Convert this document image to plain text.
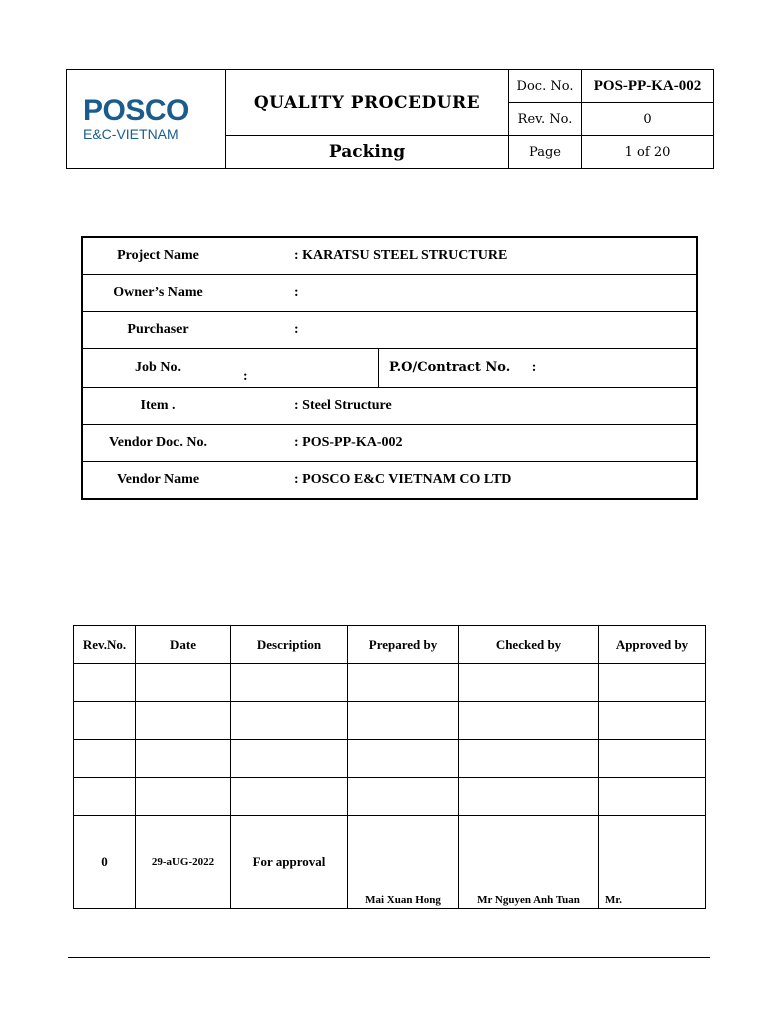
POSCO
E&C-VIETNAM	QUALITY PROCEDURE	Doc. No.	POS-PP-KA-002
		Rev. No.	0
	Packing	Page	1 of 20
Project Name	: KARATSU STEEL STRUCTURE	
Owner’s Name	:	
Purchaser	:	
Job No.	:	P.O/Contract No. :
Item .	: Steel Structure	
Vendor Doc. No.	: POS-PP-KA-002	
Vendor Name	: POSCO E&C VIETNAM CO LTD	
Rev.No.	Date	Description	Prepared by	Checked by	Approved by

0	29-aUG-2022	For approval	Mai Xuan Hong	Mr Nguyen Anh Tuan	Mr.
